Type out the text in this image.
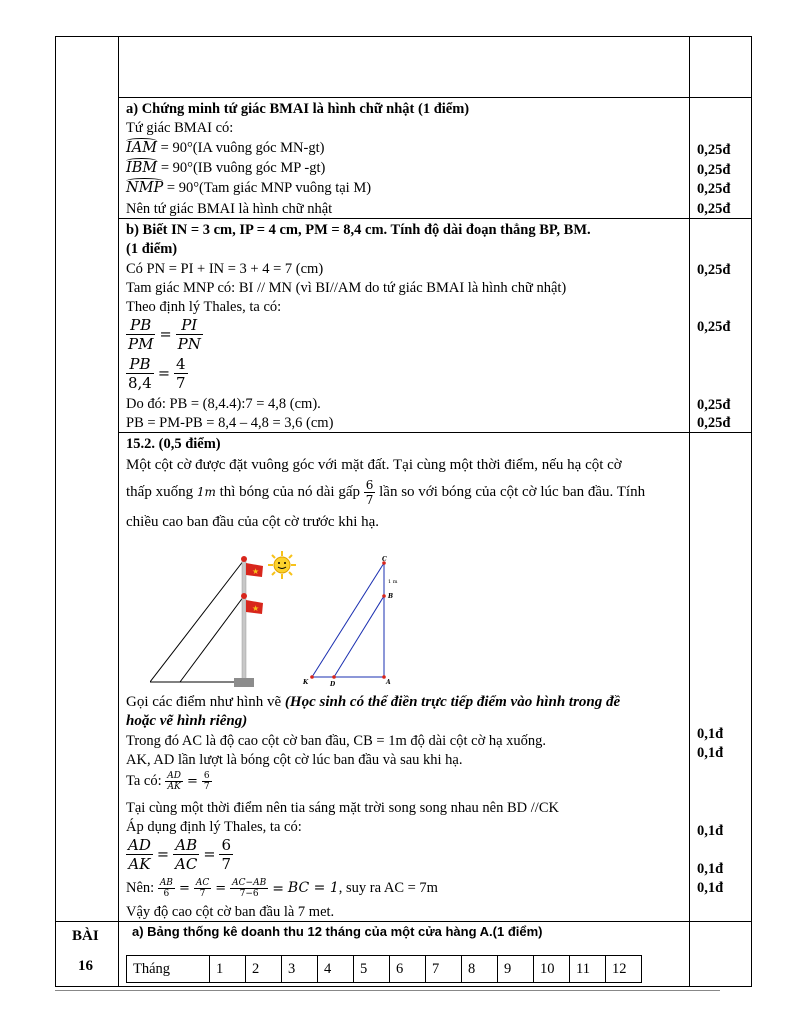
a) Chứng minh tứ giác BMAI là hình chữ nhật (1 điểm)
Tứ giác BMAI có:
IAM = 90°(IA vuông góc MN-gt)	0,25đ
IBM = 90°(IB vuông góc MP -gt)	0,25đ
NMP = 90°(Tam giác MNP vuông tại M)	0,25đ
Nên tứ giác BMAI là hình chữ nhật	0,25đ
b) Biết IN = 3 cm, IP = 4 cm, PM = 8,4 cm. Tính độ dài đoạn thẳng BP, BM.
(1 điểm)
Có PN = PI + IN = 3 + 4 = 7 (cm)	0,25đ
Tam giác MNP có: BI // MN (vì BI//AM do tứ giác BMAI là hình chữ nhật)
Theo định lý Thales, ta có:
$\frac{PB}{PM} = \frac{PI}{PN}$	0,25đ
$\frac{PB}{8,4} = \frac{4}{7}$
Do đó: PB = (8,4.4):7 = 4,8 (cm).	0,25đ
PB = PM-PB = 8,4 – 4,8 = 3,6 (cm)	0,25đ
15.2. (0,5 điểm)
Một cột cờ được đặt vuông góc với mặt đất. Tại cùng một thời điểm, nếu hạ cột cờ
thấp xuống 1m thì bóng của nó dài gấp $\frac{6}{7}$ lần so với bóng của cột cờ lúc ban đầu. Tính
chiều cao ban đầu của cột cờ trước khi hạ.
★
★
C
B
A
K	D
1 m
Gọi các điểm như hình vẽ (Học sinh có thể điền trực tiếp điểm vào hình trong đề
hoặc vẽ hình riêng)
Trong đó AC là độ cao cột cờ ban đầu, CB = 1m độ dài cột cờ hạ xuống.	0,1đ
AK, AD lần lượt là bóng cột cờ lúc ban đầu và sau khi hạ.	0,1đ
Ta có: $\frac{AD}{AK} = \frac{6}{7}$
Tại cùng một thời điểm nên tia sáng mặt trời song song nhau nên BD //CK
Áp dụng định lý Thales, ta có:	0,1đ
$\frac{AD}{AK} = \frac{AB}{AC} = \frac{6}{7}$	0,1đ
Nên: $\frac{AB}{6} = \frac{AC}{7} = \frac{AC-AB}{7-6}$ = BC = 1, suy ra AC = 7m	0,1đ
Vậy độ cao cột cờ ban đầu là 7 met.
BÀI
16
a) Bảng thống kê doanh thu 12 tháng của một cửa hàng A.(1 điểm)
Tháng	1	2	3	4	5	6	7	8	9	10	11	12
